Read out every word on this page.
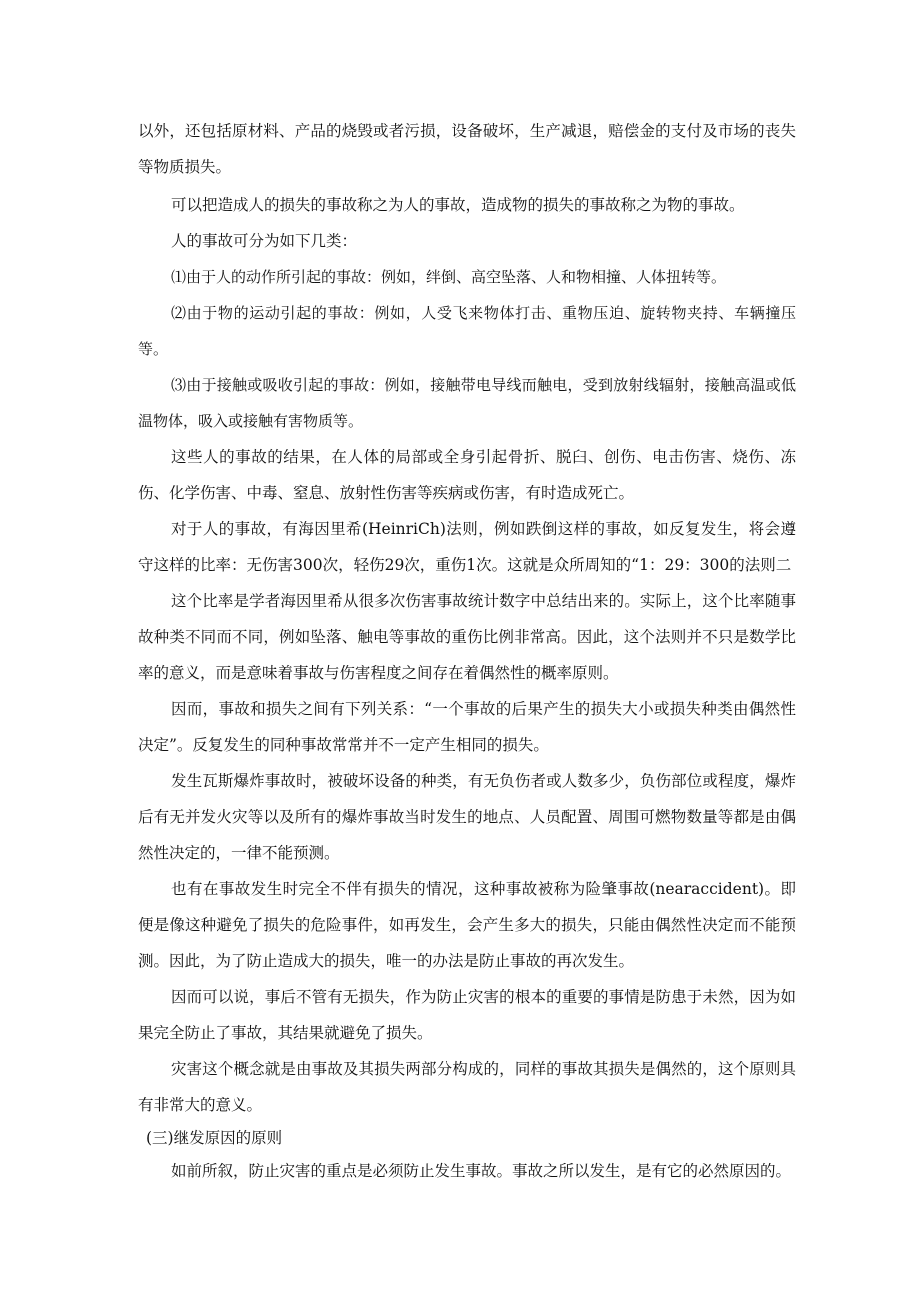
以外，还包括原材料、产品的烧毁或者污损，设备破坏，生产减退，赔偿金的支付及市场的丧失等物质损失。

可以把造成人的损失的事故称之为人的事故，造成物的损失的事故称之为物的事故。

人的事故可分为如下几类：

⑴由于人的动作所引起的事故：例如，绊倒、高空坠落、人和物相撞、人体扭转等。

⑵由于物的运动引起的事故：例如，人受飞来物体打击、重物压迫、旋转物夹持、车辆撞压等。

⑶由于接触或吸收引起的事故：例如，接触带电导线而触电，受到放射线辐射，接触高温或低温物体，吸入或接触有害物质等。

这些人的事故的结果，在人体的局部或全身引起骨折、脱臼、创伤、电击伤害、烧伤、冻伤、化学伤害、中毒、窒息、放射性伤害等疾病或伤害，有时造成死亡。

对于人的事故，有海因里希(HeinriCh)法则，例如跌倒这样的事故，如反复发生，将会遵守这样的比率：无伤害300次，轻伤29次，重伤1次。这就是众所周知的“1：29：300的法则二

这个比率是学者海因里希从很多次伤害事故统计数字中总结出来的。实际上，这个比率随事故种类不同而不同，例如坠落、触电等事故的重伤比例非常高。因此，这个法则并不只是数学比率的意义，而是意味着事故与伤害程度之间存在着偶然性的概率原则。

因而，事故和损失之间有下列关系：“一个事故的后果产生的损失大小或损失种类由偶然性决定”。反复发生的同种事故常常并不一定产生相同的损失。

发生瓦斯爆炸事故时，被破坏设备的种类，有无负伤者或人数多少，负伤部位或程度，爆炸后有无并发火灾等以及所有的爆炸事故当时发生的地点、人员配置、周围可燃物数量等都是由偶然性决定的，一律不能预测。

也有在事故发生时完全不伴有损失的情况，这种事故被称为险肇事故(nearaccident)。即便是像这种避免了损失的危险事件，如再发生，会产生多大的损失，只能由偶然性决定而不能预测。因此，为了防止造成大的损失，唯一的办法是防止事故的再次发生。

因而可以说，事后不管有无损失，作为防止灾害的根本的重要的事情是防患于未然，因为如果完全防止了事故，其结果就避免了损失。

灾害这个概念就是由事故及其损失两部分构成的，同样的事故其损失是偶然的，这个原则具有非常大的意义。

(三)继发原因的原则

如前所叙，防止灾害的重点是必须防止发生事故。事故之所以发生，是有它的必然原因的。
